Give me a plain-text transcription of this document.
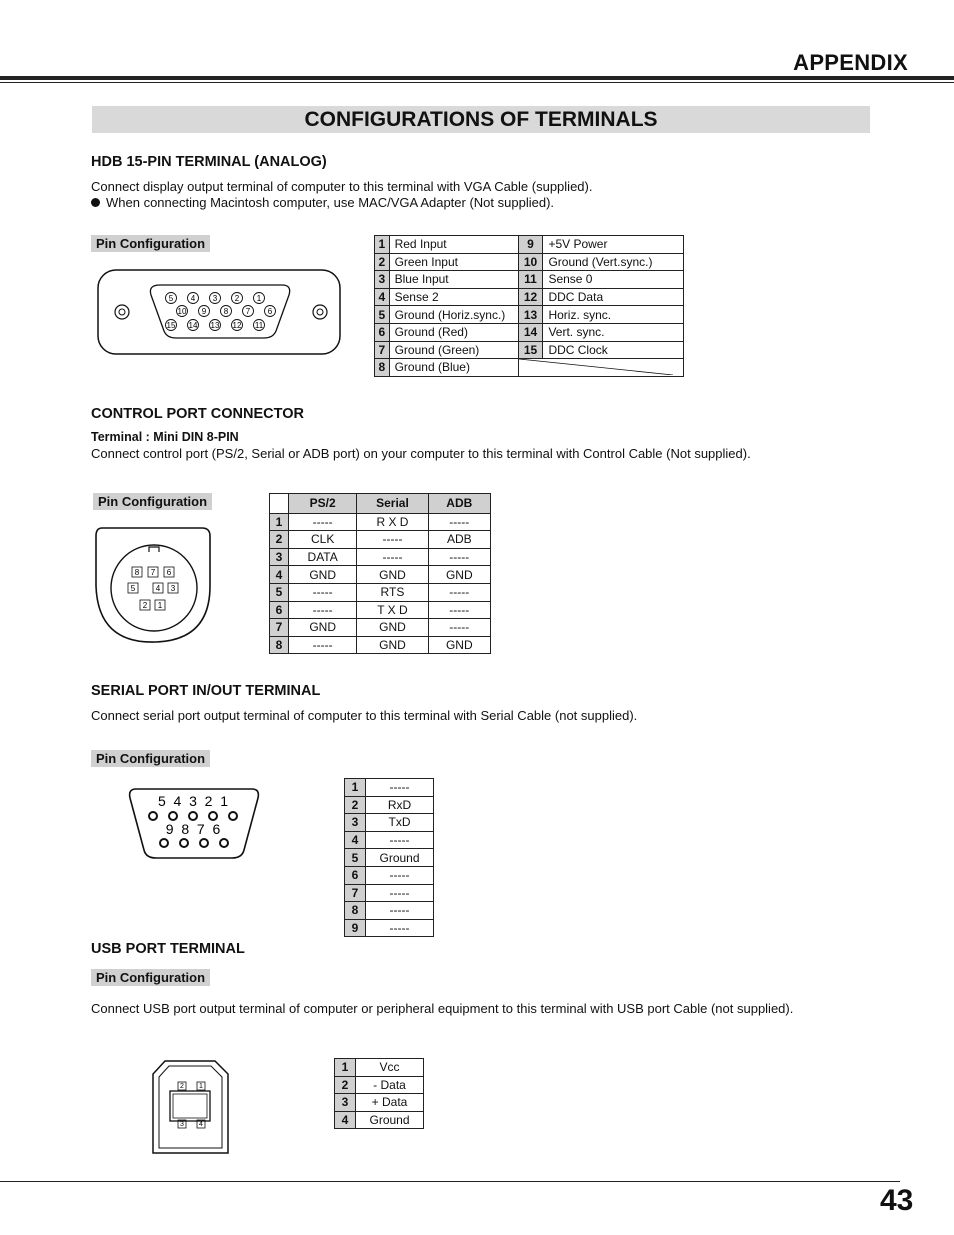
APPENDIX
CONFIGURATIONS OF TERMINALS
HDB 15-PIN TERMINAL (ANALOG)
Connect display output terminal of computer to this terminal with VGA Cable (supplied).
When connecting Macintosh computer, use MAC/VGA Adapter (Not supplied).
Pin Configuration
5 4 3 2 1
10 9 8 7 6
15 14 13 12 11
1	Red Input	9	+5V Power
2	Green Input	10	Ground (Vert.sync.)
3	Blue Input	11	Sense 0
4	Sense 2	12	DDC Data
5	Ground (Horiz.sync.)	13	Horiz. sync.
6	Ground (Red)	14	Vert. sync.
7	Ground (Green)	15	DDC Clock
8	Ground (Blue)	
CONTROL PORT CONNECTOR
Terminal : Mini DIN 8-PIN
Connect control port (PS/2, Serial or ADB port) on your computer to this terminal with Control Cable (Not supplied).
Pin Configuration
8 7 6
5	4 3
2 1
	PS/2	Serial	ADB
1	-----	R X D	-----
2	CLK	-----	ADB
3	DATA	-----	-----
4	GND	GND	GND
5	-----	RTS	-----
6	-----	T X D	-----
7	GND	GND	-----
8	-----	GND	GND
SERIAL PORT IN/OUT TERMINAL
Connect serial port output terminal of computer to this terminal with Serial Cable (not supplied).
Pin Configuration
5  4  3  2  1
9  8  7  6
1	-----
2	RxD
3	TxD
4	-----
5	Ground
6	-----
7	-----
8	-----
9	-----
USB PORT TERMINAL
Pin Configuration
Connect USB port output terminal of computer or peripheral equipment to this terminal with USB port Cable (not supplied).
2 1
3 4
1	Vcc
2	- Data
3	+ Data
4	Ground
43
